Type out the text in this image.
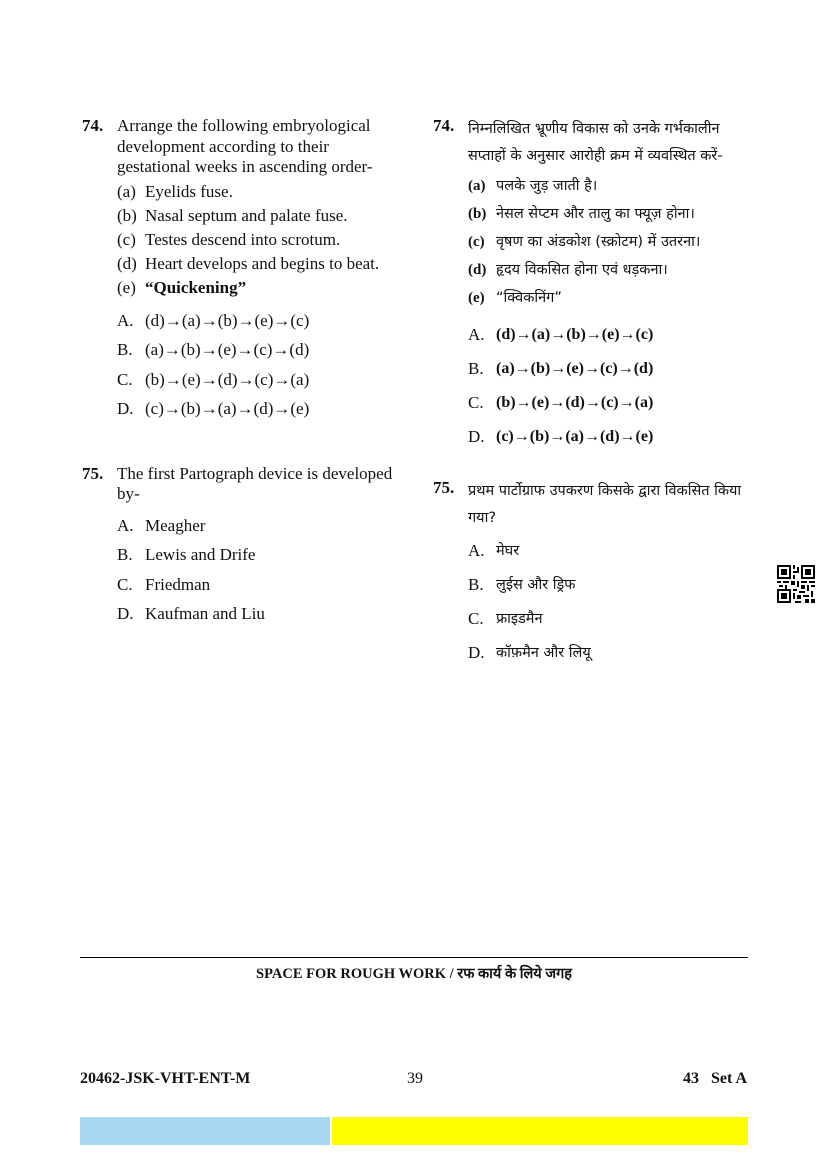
74. Arrange the following embryological development according to their gestational weeks in ascending order-
(a) Eyelids fuse.
(b) Nasal septum and palate fuse.
(c) Testes descend into scrotum.
(d) Heart develops and begins to beat.
(e) “Quickening”
A. (d)→(a)→(b)→(e)→(c)
B. (a)→(b)→(e)→(c)→(d)
C. (b)→(e)→(d)→(c)→(a)
D. (c)→(b)→(a)→(d)→(e)
75. The first Partograph device is developed by-
A. Meagher
B. Lewis and Drife
C. Friedman
D. Kaufman and Liu
74. निम्नलिखित भ्रूणीय विकास को उनके गर्भकालीन सप्ताहों के अनुसार आरोही क्रम में व्यवस्थित करें-
(a) पलके जुड़ जाती है।
(b) नेसल सेप्टम और तालु का फ्यूज़ होना।
(c) वृषण का अंडकोश (स्क्रोटम) में उतरना।
(d) हृदय विकसित होना एवं धड़कना।
(e) “क्विकनिंग”
A. (d)→(a)→(b)→(e)→(c)
B. (a)→(b)→(e)→(c)→(d)
C. (b)→(e)→(d)→(c)→(a)
D. (c)→(b)→(a)→(d)→(e)
75. प्रथम पार्टोग्राफ उपकरण किसके द्वारा विकसित किया गया?
A. मेघर
B. लुईस और ड्रिफ
C. फ्राइडमैन
D. कॉफ़मैन और लियू
SPACE FOR ROUGH WORK / रफ कार्य के लिये जगह
20462-JSK-VHT-ENT-M	39	43   Set A
